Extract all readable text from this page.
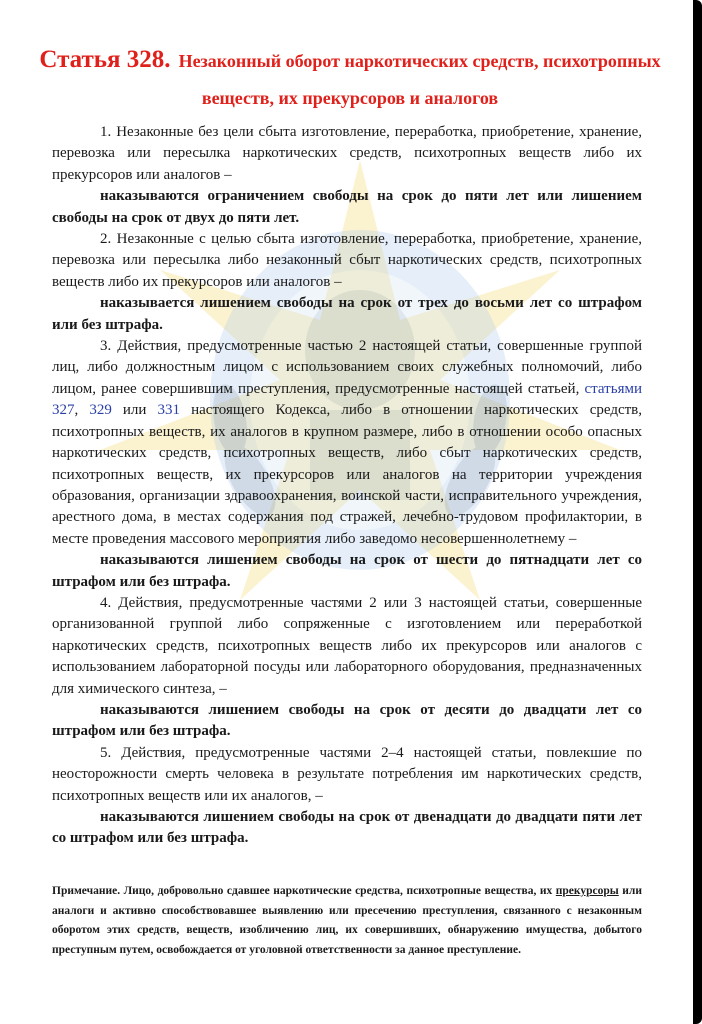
Статья 328. Незаконный оборот наркотических средств, психотропных веществ, их прекурсоров и аналогов

1. Незаконные без цели сбыта изготовление, переработка, приобретение, хранение, перевозка или пересылка наркотических средств, психотропных веществ либо их прекурсоров или аналогов –

наказываются ограничением свободы на срок до пяти лет или лишением свободы на срок от двух до пяти лет.

2. Незаконные с целью сбыта изготовление, переработка, приобретение, хранение, перевозка или пересылка либо незаконный сбыт наркотических средств, психотропных веществ либо их прекурсоров или аналогов –

наказывается лишением свободы на срок от трех до восьми лет со штрафом или без штрафа.

3. Действия, предусмотренные частью 2 настоящей статьи, совершенные группой лиц, либо должностным лицом с использованием своих служебных полномочий, либо лицом, ранее совершившим преступления, предусмотренные настоящей статьей, статьями 327, 329 или 331 настоящего Кодекса, либо в отношении наркотических средств, психотропных веществ, их аналогов в крупном размере, либо в отношении особо опасных наркотических средств, психотропных веществ, либо сбыт наркотических средств, психотропных веществ, их прекурсоров или аналогов на территории учреждения образования, организации здравоохранения, воинской части, исправительного учреждения, арестного дома, в местах содержания под стражей, лечебно-трудовом профилактории, в месте проведения массового мероприятия либо заведомо несовершеннолетнему –

наказываются лишением свободы на срок от шести до пятнадцати лет со штрафом или без штрафа.

4. Действия, предусмотренные частями 2 или 3 настоящей статьи, совершенные организованной группой либо сопряженные с изготовлением или переработкой наркотических средств, психотропных веществ либо их прекурсоров или аналогов с использованием лабораторной посуды или лабораторного оборудования, предназначенных для химического синтеза, –

наказываются лишением свободы на срок от десяти до двадцати лет со штрафом или без штрафа.

5. Действия, предусмотренные частями 2–4 настоящей статьи, повлекшие по неосторожности смерть человека в результате потребления им наркотических средств, психотропных веществ или их аналогов, –

наказываются лишением свободы на срок от двенадцати до двадцати пяти лет со штрафом или без штрафа.

Примечание. Лицо, добровольно сдавшее наркотические средства, психотропные вещества, их прекурсоры или аналоги и активно способствовавшее выявлению или пресечению преступления, связанного с незаконным оборотом этих средств, веществ, изобличению лиц, их совершивших, обнаружению имущества, добытого преступным путем, освобождается от уголовной ответственности за данное преступление.
